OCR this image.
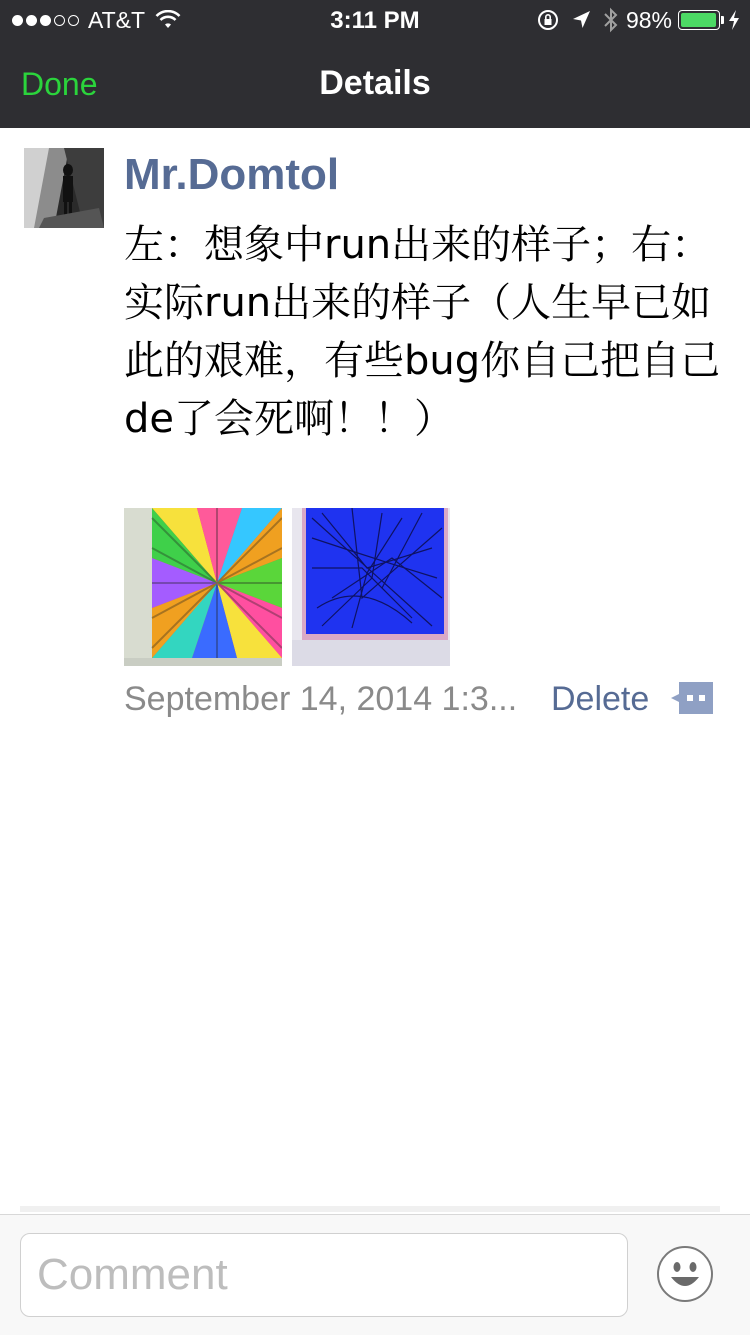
AT&T	3:11 PM	98%
Done	Details
Mr.Domtol
左：想象中run出来的样子；右：实际run出来的样子（人生早已如此的艰难，有些bug你自己把自己de了会死啊！！）
September 14, 2014 1:3... Delete
Comment
